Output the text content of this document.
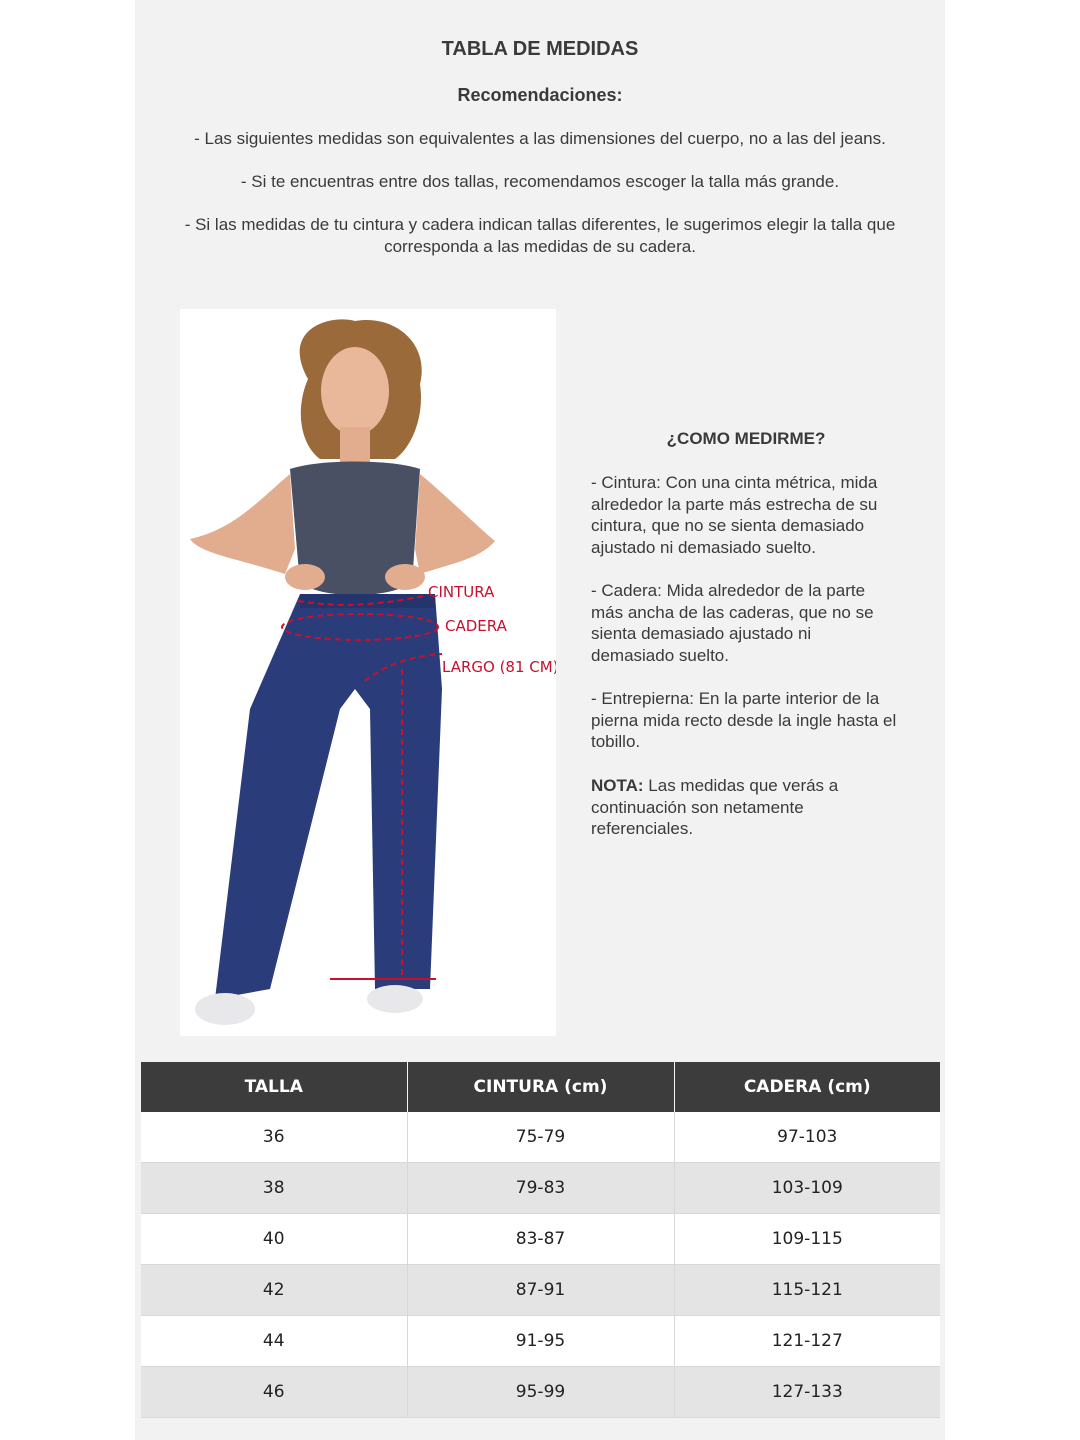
TABLA DE MEDIDAS
Recomendaciones:
- Las siguientes medidas son equivalentes a las dimensiones del cuerpo, no a las del jeans.
- Si te encuentras entre dos tallas, recomendamos escoger la talla más grande.
- Si las medidas de tu cintura y cadera indican tallas diferentes, le sugerimos elegir la talla que corresponda a las medidas de su cadera.
CINTURA
CADERA
LARGO (81 CM)
¿COMO MEDIRME?
- Cintura: Con una cinta métrica, mida alrededor la parte más estrecha de su cintura, que no se sienta demasiado ajustado ni demasiado suelto.
- Cadera: Mida alrededor de la parte más ancha de las caderas, que no se sienta demasiado ajustado ni demasiado suelto.
- Entrepierna: En la parte interior de la pierna mida recto desde la ingle hasta el tobillo.
NOTA: Las medidas que verás a continuación son netamente referenciales.
TALLA	CINTURA (cm)	CADERA (cm)
36	75-79	97-103
38	79-83	103-109
40	83-87	109-115
42	87-91	115-121
44	91-95	121-127
46	95-99	127-133
